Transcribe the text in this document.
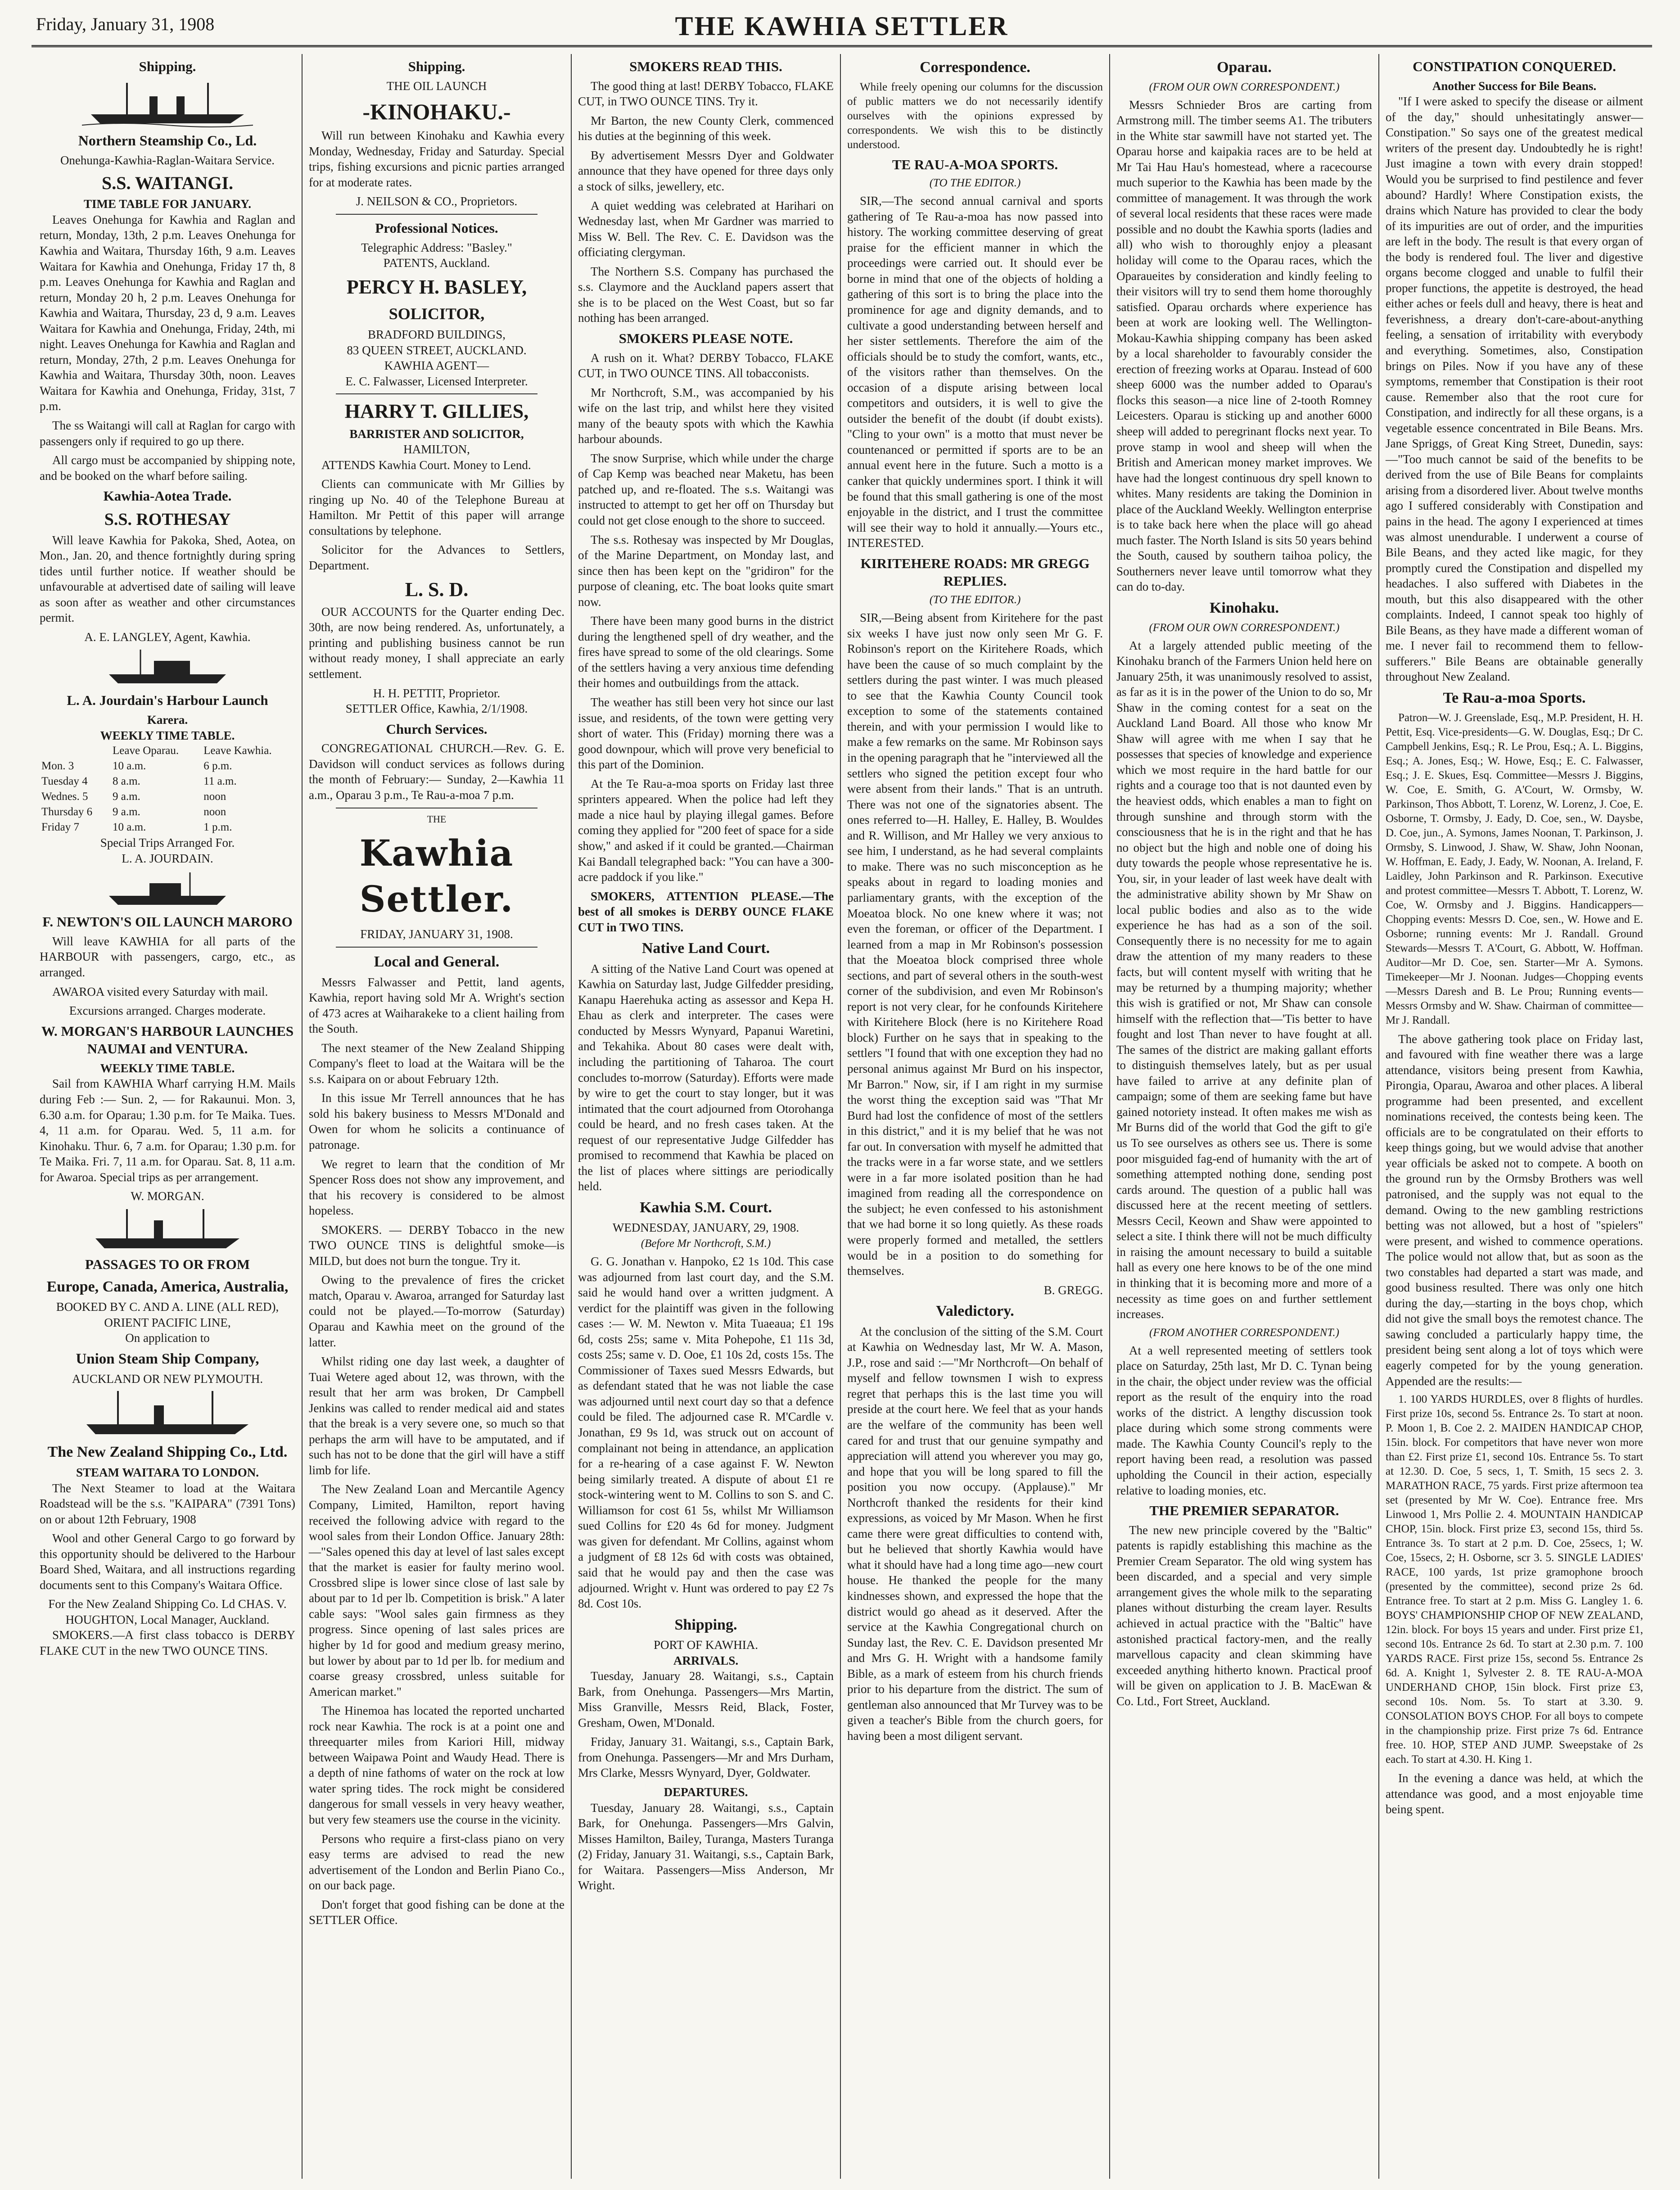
Friday, January 31, 1908	THE KAWHIA SETTLER
Shipping.
Northern Steamship Co., Ld.
Onehunga-Kawhia-Raglan-Waitara Service.
S.S. WAITANGI.
TIME TABLE FOR JANUARY.

Leaves Onehunga for Kawhia and Raglan and return, Monday, 13th, 2 p.m. Leaves Onehunga for Kawhia and Waitara, Thursday 16th, 9 a.m. Leaves Waitara for Kawhia and Onehunga, Friday 17 th, 8 p.m. Leaves Onehunga for Kawhia and Raglan and return, Monday 20 h, 2 p.m. Leaves Onehunga for Kawhia and Waitara, Thursday, 23 d, 9 a.m. Leaves Waitara for Kawhia and Onehunga, Friday, 24th, mi night. Leaves Onehunga for Kawhia and Raglan and return, Monday, 27th, 2 p.m. Leaves Onehunga for Kawhia and Waitara, Thursday 30th, noon. Leaves Waitara for Kawhia and Onehunga, Friday, 31st, 7 p.m.

The ss Waitangi will call at Raglan for cargo with passengers only if required to go up there.

All cargo must be accompanied by shipping note, and be booked on the wharf before sailing.

Kawhia-Aotea Trade.
S.S. ROTHESAY

Will leave Kawhia for Pakoka, Shed, Aotea, on Mon., Jan. 20, and thence fortnightly during spring tides until further notice. If weather should be unfavourable at advertised date of sailing will leave as soon after as weather and other circumstances permit.

A. E. LANGLEY, Agent, Kawhia.
L. A. Jourdain's Harbour Launch
Karera.
WEEKLY TIME TABLE.
	Leave Oparau.	Leave Kawhia.
Mon. 3	10 a.m.	6 p.m.
Tuesday 4	8 a.m.	11 a.m.
Wednes. 5	9 a.m.	noon
Thursday 6	9 a.m.	noon
Friday 7	10 a.m.	1 p.m.
Special Trips Arranged For.
L. A. JOURDAIN.
F. NEWTON'S OIL LAUNCH MARORO

Will leave KAWHIA for all parts of the HARBOUR with passengers, cargo, etc., as arranged.

AWAROA visited every Saturday with mail.

Excursions arranged. Charges moderate.
W. MORGAN'S HARBOUR LAUNCHES NAUMAI and VENTURA.
WEEKLY TIME TABLE.

Sail from KAWHIA Wharf carrying H.M. Mails during Feb :— Sun. 2, — for Rakaunui. Mon. 3, 6.30 a.m. for Oparau; 1.30 p.m. for Te Maika. Tues. 4, 11 a.m. for Oparau. Wed. 5, 11 a.m. for Kinohaku. Thur. 6, 7 a.m. for Oparau; 1.30 p.m. for Te Maika. Fri. 7, 11 a.m. for Oparau. Sat. 8, 11 a.m. for Awaroa. Special trips as per arrangement.

W. MORGAN.
PASSAGES TO OR FROM
Europe, Canada, America, Australia,
BOOKED BY C. AND A. LINE (ALL RED), ORIENT PACIFIC LINE,
On application to
Union Steam Ship Company,
AUCKLAND OR NEW PLYMOUTH.
The New Zealand Shipping Co., Ltd.
STEAM WAITARA TO LONDON.

The Next Steamer to load at the Waitara Roadstead will be the s.s. "KAIPARA" (7391 Tons) on or about 12th February, 1908

Wool and other General Cargo to go forward by this opportunity should be delivered to the Harbour Board Shed, Waitara, and all instructions regarding documents sent to this Company's Waitara Office.

For the New Zealand Shipping Co. Ld CHAS. V. HOUGHTON, Local Manager, Auckland.

SMOKERS.—A first class tobacco is DERBY FLAKE CUT in the new TWO OUNCE TINS.

Shipping.
THE OIL LAUNCH
-KINOHAKU.-

Will run between Kinohaku and Kawhia every Monday, Wednesday, Friday and Saturday. Special trips, fishing excursions and picnic parties arranged for at moderate rates.

J. NEILSON & CO., Proprietors.
Professional Notices.
Telegraphic Address: "Basley."
PATENTS, Auckland.
PERCY H. BASLEY,
SOLICITOR,
BRADFORD BUILDINGS,
83 QUEEN STREET, AUCKLAND.
KAWHIA AGENT—
E. C. Falwasser, Licensed Interpreter.
HARRY T. GILLIES,
BARRISTER AND SOLICITOR,
HAMILTON,

ATTENDS Kawhia Court. Money to Lend.

Clients can communicate with Mr Gillies by ringing up No. 40 of the Telephone Bureau at Hamilton. Mr Pettit of this paper will arrange consultations by telephone.

Solicitor for the Advances to Settlers, Department.

L. S. D.

OUR ACCOUNTS for the Quarter ending Dec. 30th, are now being rendered. As, unfortunately, a printing and publishing business cannot be run without ready money, I shall appreciate an early settlement.

H. H. PETTIT, Proprietor.
SETTLER Office, Kawhia, 2/1/1908.
Church Services.

CONGREGATIONAL CHURCH.—Rev. G. E. Davidson will conduct services as follows during the month of February:— Sunday, 2—Kawhia 11 a.m., Oparau 3 p.m., Te Rau-a-moa 7 p.m.

THE
Kawhia Settler.
FRIDAY, JANUARY 31, 1908.
Local and General.

Messrs Falwasser and Pettit, land agents, Kawhia, report having sold Mr A. Wright's section of 473 acres at Waiharakeke to a client hailing from the South.

The next steamer of the New Zealand Shipping Company's fleet to load at the Waitara will be the s.s. Kaipara on or about February 12th.

In this issue Mr Terrell announces that he has sold his bakery business to Messrs M'Donald and Owen for whom he solicits a continuance of patronage.

We regret to learn that the condition of Mr Spencer Ross does not show any improvement, and that his recovery is considered to be almost hopeless.

SMOKERS. — DERBY Tobacco in the new TWO OUNCE TINS is delightful smoke—is MILD, but does not burn the tongue. Try it.

Owing to the prevalence of fires the cricket match, Oparau v. Awaroa, arranged for Saturday last could not be played.—To-morrow (Saturday) Oparau and Kawhia meet on the ground of the latter.

Whilst riding one day last week, a daughter of Tuai Wetere aged about 12, was thrown, with the result that her arm was broken, Dr Campbell Jenkins was called to render medical aid and states that the break is a very severe one, so much so that perhaps the arm will have to be amputated, and if such has not to be done that the girl will have a stiff limb for life.

The New Zealand Loan and Mercantile Agency Company, Limited, Hamilton, report having received the following advice with regard to the wool sales from their London Office. January 28th:—"Sales opened this day at level of last sales except that the market is easier for faulty merino wool. Crossbred slipe is lower since close of last sale by about par to 1d per lb. Competition is brisk." A later cable says: "Wool sales gain firmness as they progress. Since opening of last sales prices are higher by 1d for good and medium greasy merino, but lower by about par to 1d per lb. for medium and coarse greasy crossbred, unless suitable for American market."

The Hinemoa has located the reported uncharted rock near Kawhia. The rock is at a point one and threequarter miles from Kariori Hill, midway between Waipawa Point and Waudy Head. There is a depth of nine fathoms of water on the rock at low water spring tides. The rock might be considered dangerous for small vessels in very heavy weather, but very few steamers use the course in the vicinity.

Persons who require a first-class piano on very easy terms are advised to read the new advertisement of the London and Berlin Piano Co., on our back page.

Don't forget that good fishing can be done at the SETTLER Office.

SMOKERS READ THIS.

The good thing at last! DERBY Tobacco, FLAKE CUT, in TWO OUNCE TINS. Try it.

Mr Barton, the new County Clerk, commenced his duties at the beginning of this week.

By advertisement Messrs Dyer and Goldwater announce that they have opened for three days only a stock of silks, jewellery, etc.

A quiet wedding was celebrated at Harihari on Wednesday last, when Mr Gardner was married to Miss W. Bell. The Rev. C. E. Davidson was the officiating clergyman.

The Northern S.S. Company has purchased the s.s. Claymore and the Auckland papers assert that she is to be placed on the West Coast, but so far nothing has been arranged.

SMOKERS PLEASE NOTE.

A rush on it. What? DERBY Tobacco, FLAKE CUT, in TWO OUNCE TINS. All tobacconists.

Mr Northcroft, S.M., was accompanied by his wife on the last trip, and whilst here they visited many of the beauty spots with which the Kawhia harbour abounds.

The snow Surprise, which while under the charge of Cap Kemp was beached near Maketu, has been patched up, and re-floated. The s.s. Waitangi was instructed to attempt to get her off on Thursday but could not get close enough to the shore to succeed.

The s.s. Rothesay was inspected by Mr Douglas, of the Marine Department, on Monday last, and since then has been kept on the "gridiron" for the purpose of cleaning, etc. The boat looks quite smart now.

There have been many good burns in the district during the lengthened spell of dry weather, and the fires have spread to some of the old clearings. Some of the settlers having a very anxious time defending their homes and outbuildings from the attack.

The weather has still been very hot since our last issue, and residents, of the town were getting very short of water. This (Friday) morning there was a good downpour, which will prove very beneficial to this part of the Dominion.

At the Te Rau-a-moa sports on Friday last three sprinters appeared. When the police had left they made a nice haul by playing illegal games. Before coming they applied for "200 feet of space for a side show," and asked if it could be granted.—Chairman Kai Bandall telegraphed back: "You can have a 300-acre paddock if you like."

SMOKERS, ATTENTION PLEASE.—The best of all smokes is DERBY OUNCE FLAKE CUT in TWO TINS.

Native Land Court.

A sitting of the Native Land Court was opened at Kawhia on Saturday last, Judge Gilfedder presiding, Kanapu Haerehuka acting as assessor and Kepa H. Ehau as clerk and interpreter. The cases were conducted by Messrs Wynyard, Papanui Waretini, and Tekahika. About 80 cases were dealt with, including the partitioning of Taharoa. The court concludes to-morrow (Saturday). Efforts were made by wire to get the court to stay longer, but it was intimated that the court adjourned from Otorohanga could be heard, and no fresh cases taken. At the request of our representative Judge Gilfedder has promised to recommend that Kawhia be placed on the list of places where sittings are periodically held.

Kawhia S.M. Court.
WEDNESDAY, JANUARY, 29, 1908.
(Before Mr Northcroft, S.M.)

G. G. Jonathan v. Hanpoko, £2 1s 10d. This case was adjourned from last court day, and the S.M. said he would hand over a written judgment. A verdict for the plaintiff was given in the following cases :— W. M. Newton v. Mita Tuaeaua; £1 19s 6d, costs 25s; same v. Mita Pohepohe, £1 11s 3d, costs 25s; same v. D. Ooe, £1 10s 2d, costs 15s. The Commissioner of Taxes sued Messrs Edwards, but as defendant stated that he was not liable the case was adjourned until next court day so that a defence could be filed. The adjourned case R. M'Cardle v. Jonathan, £9 9s 1d, was struck out on account of complainant not being in attendance, an application for a re-hearing of a case against F. W. Newton being similarly treated. A dispute of about £1 re stock-wintering went to M. Collins to son S. and C. Williamson for cost 61 5s, whilst Mr Williamson sued Collins for £20 4s 6d for money. Judgment was given for defendant. Mr Collins, against whom a judgment of £8 12s 6d with costs was obtained, said that he would pay and then the case was adjourned. Wright v. Hunt was ordered to pay £2 7s 8d. Cost 10s.

Shipping.
PORT OF KAWHIA.
ARRIVALS.

Tuesday, January 28. Waitangi, s.s., Captain Bark, from Onehunga. Passengers—Mrs Martin, Miss Granville, Messrs Reid, Black, Foster, Gresham, Owen, M'Donald.

Friday, January 31. Waitangi, s.s., Captain Bark, from Onehunga. Passengers—Mr and Mrs Durham, Mrs Clarke, Messrs Wynyard, Dyer, Goldwater.

DEPARTURES.

Tuesday, January 28. Waitangi, s.s., Captain Bark, for Onehunga. Passengers—Mrs Galvin, Misses Hamilton, Bailey, Turanga, Masters Turanga (2) Friday, January 31. Waitangi, s.s., Captain Bark, for Waitara. Passengers—Miss Anderson, Mr Wright.

Correspondence.

While freely opening our columns for the discussion of public matters we do not necessarily identify ourselves with the opinions expressed by correspondents. We wish this to be distinctly understood.

TE RAU-A-MOA SPORTS.
(TO THE EDITOR.)

SIR,—The second annual carnival and sports gathering of Te Rau-a-moa has now passed into history. The working committee deserving of great praise for the efficient manner in which the proceedings were carried out. It should ever be borne in mind that one of the objects of holding a gathering of this sort is to bring the place into the prominence for age and dignity demands, and to cultivate a good understanding between herself and her sister settlements. Therefore the aim of the officials should be to study the comfort, wants, etc., of the visitors rather than themselves. On the occasion of a dispute arising between local competitors and outsiders, it is well to give the outsider the benefit of the doubt (if doubt exists). "Cling to your own" is a motto that must never be countenanced or permitted if sports are to be an annual event here in the future. Such a motto is a canker that quickly undermines sport. I think it will be found that this small gathering is one of the most enjoyable in the district, and I trust the committee will see their way to hold it annually.—Yours etc., INTERESTED.

KIRITEHERE ROADS: MR GREGG REPLIES.
(TO THE EDITOR.)

SIR,—Being absent from Kiritehere for the past six weeks I have just now only seen Mr G. F. Robinson's report on the Kiritehere Roads, which have been the cause of so much complaint by the settlers during the past winter. I was much pleased to see that the Kawhia County Council took exception to some of the statements contained therein, and with your permission I would like to make a few remarks on the same. Mr Robinson says in the opening paragraph that he "interviewed all the settlers who signed the petition except four who were absent from their lands." That is an untruth. There was not one of the signatories absent. The ones referred to—H. Halley, E. Halley, B. Wouldes and R. Willison, and Mr Halley we very anxious to see him, I understand, as he had several complaints to make. There was no such misconception as he speaks about in regard to loading monies and parliamentary grants, with the exception of the Moeatoa block. No one knew where it was; not even the foreman, or officer of the Department. I learned from a map in Mr Robinson's possession that the Moeatoa block comprised three whole sections, and part of several others in the south-west corner of the subdivision, and even Mr Robinson's report is not very clear, for he confounds Kiritehere with Kiritehere Block (here is no Kiritehere Road block) Further on he says that in speaking to the settlers "I found that with one exception they had no personal animus against Mr Burd on his inspector, Mr Barron." Now, sir, if I am right in my surmise the worst thing the exception said was "That Mr Burd had lost the confidence of most of the settlers in this district," and it is my belief that he was not far out. In conversation with myself he admitted that the tracks were in a far worse state, and we settlers were in a far more isolated position than he had imagined from reading all the correspondence on the subject; he even confessed to his astonishment that we had borne it so long quietly. As these roads were properly formed and metalled, the settlers would be in a position to do something for themselves.

B. GREGG.
Valedictory.

At the conclusion of the sitting of the S.M. Court at Kawhia on Wednesday last, Mr W. A. Mason, J.P., rose and said :—"Mr Northcroft—On behalf of myself and fellow townsmen I wish to express regret that perhaps this is the last time you will preside at the court here. We feel that as your hands are the welfare of the community has been well cared for and trust that our genuine sympathy and appreciation will attend you wherever you may go, and hope that you will be long spared to fill the position you now occupy. (Applause)." Mr Northcroft thanked the residents for their kind expressions, as voiced by Mr Mason. When he first came there were great difficulties to contend with, but he believed that shortly Kawhia would have what it should have had a long time ago—new court house. He thanked the people for the many kindnesses shown, and expressed the hope that the district would go ahead as it deserved. After the service at the Kawhia Congregational church on Sunday last, the Rev. C. E. Davidson presented Mr and Mrs G. H. Wright with a handsome family Bible, as a mark of esteem from his church friends prior to his departure from the district. The sum of gentleman also announced that Mr Turvey was to be given a teacher's Bible from the church goers, for having been a most diligent servant.

Oparau.
(FROM OUR OWN CORRESPONDENT.)

Messrs Schnieder Bros are carting from Armstrong mill. The timber seems A1. The tributers in the White star sawmill have not started yet. The Oparau horse and kaipakia races are to be held at Mr Tai Hau Hau's homestead, where a racecourse much superior to the Kawhia has been made by the committee of management. It was through the work of several local residents that these races were made possible and no doubt the Kawhia sports (ladies and all) who wish to thoroughly enjoy a pleasant holiday will come to the Oparau races, which the Oparaueites by consideration and kindly feeling to their visitors will try to send them home thoroughly satisfied. Oparau orchards where experience has been at work are looking well. The Wellington-Mokau-Kawhia shipping company has been asked by a local shareholder to favourably consider the erection of freezing works at Oparau. Instead of 600 sheep 6000 was the number added to Oparau's flocks this season—a nice line of 2-tooth Romney Leicesters. Oparau is sticking up and another 6000 sheep will added to peregrinant flocks next year. To prove stamp in wool and sheep will when the British and American money market improves. We have had the longest continuous dry spell known to whites. Many residents are taking the Dominion in place of the Auckland Weekly. Wellington enterprise is to take back here when the place will go ahead much faster. The North Island is sits 50 years behind the South, caused by southern taihoa policy, the Southerners never leave until tomorrow what they can do to-day.

Kinohaku.
(FROM OUR OWN CORRESPONDENT.)

At a largely attended public meeting of the Kinohaku branch of the Farmers Union held here on January 25th, it was unanimously resolved to assist, as far as it is in the power of the Union to do so, Mr Shaw in the coming contest for a seat on the Auckland Land Board. All those who know Mr Shaw will agree with me when I say that he possesses that species of knowledge and experience which we most require in the hard battle for our rights and a courage too that is not daunted even by the heaviest odds, which enables a man to fight on through sunshine and through storm with the consciousness that he is in the right and that he has no object but the high and noble one of doing his duty towards the people whose representative he is. You, sir, in your leader of last week have dealt with the administrative ability shown by Mr Shaw on local public bodies and also as to the wide experience he has had as a son of the soil. Consequently there is no necessity for me to again draw the attention of my many readers to these facts, but will content myself with writing that he may be returned by a thumping majority; whether this wish is gratified or not, Mr Shaw can console himself with the reflection that—'Tis better to have fought and lost Than never to have fought at all. The sames of the district are making gallant efforts to distinguish themselves lately, but as per usual have failed to arrive at any definite plan of campaign; some of them are seeking fame but have gained notoriety instead. It often makes me wish as Mr Burns did of the world that God the gift to gi'e us To see ourselves as others see us. There is some poor misguided fag-end of humanity with the art of something attempted nothing done, sending post cards around. The question of a public hall was discussed here at the recent meeting of settlers. Messrs Cecil, Keown and Shaw were appointed to select a site. I think there will not be much difficulty in raising the amount necessary to build a suitable hall as every one here knows to be of the one mind in thinking that it is becoming more and more of a necessity as time goes on and further settlement increases.

(FROM ANOTHER CORRESPONDENT.)

At a well represented meeting of settlers took place on Saturday, 25th last, Mr D. C. Tynan being in the chair, the object under review was the official report as the result of the enquiry into the road works of the district. A lengthy discussion took place during which some strong comments were made. The Kawhia County Council's reply to the report having been read, a resolution was passed upholding the Council in their action, especially relative to loading monies, etc.

THE PREMIER SEPARATOR.

The new new principle covered by the "Baltic" patents is rapidly establishing this machine as the Premier Cream Separator. The old wing system has been discarded, and a special and very simple arrangement gives the whole milk to the separating planes without disturbing the cream layer. Results achieved in actual practice with the "Baltic" have astonished practical factory-men, and the really marvellous capacity and clean skimming have exceeded anything hitherto known. Practical proof will be given on application to J. B. MacEwan & Co. Ltd., Fort Street, Auckland.

CONSTIPATION CONQUERED.
Another Success for Bile Beans.

"If I were asked to specify the disease or ailment of the day," should unhesitatingly answer—Constipation." So says one of the greatest medical writers of the present day. Undoubtedly he is right! Just imagine a town with every drain stopped! Would you be surprised to find pestilence and fever abound? Hardly! Where Constipation exists, the drains which Nature has provided to clear the body of its impurities are out of order, and the impurities are left in the body. The result is that every organ of the body is rendered foul. The liver and digestive organs become clogged and unable to fulfil their proper functions, the appetite is destroyed, the head either aches or feels dull and heavy, there is heat and feverishness, a dreary don't-care-about-anything feeling, a sensation of irritability with everybody and everything. Sometimes, also, Constipation brings on Piles. Now if you have any of these symptoms, remember that Constipation is their root cause. Remember also that the root cure for Constipation, and indirectly for all these organs, is a vegetable essence concentrated in Bile Beans. Mrs. Jane Spriggs, of Great King Street, Dunedin, says:—"Too much cannot be said of the benefits to be derived from the use of Bile Beans for complaints arising from a disordered liver. About twelve months ago I suffered considerably with Constipation and pains in the head. The agony I experienced at times was almost unendurable. I underwent a course of Bile Beans, and they acted like magic, for they promptly cured the Constipation and dispelled my headaches. I also suffered with Diabetes in the mouth, but this also disappeared with the other complaints. Indeed, I cannot speak too highly of Bile Beans, as they have made a different woman of me. I never fail to recommend them to fellow-sufferers." Bile Beans are obtainable generally throughout New Zealand.

Te Rau-a-moa Sports.

Patron—W. J. Greenslade, Esq., M.P. President, H. H. Pettit, Esq. Vice-presidents—G. W. Douglas, Esq.; Dr C. Campbell Jenkins, Esq.; R. Le Prou, Esq.; A. L. Biggins, Esq.; A. Jones, Esq.; W. Howe, Esq.; E. C. Falwasser, Esq.; J. E. Skues, Esq. Committee—Messrs J. Biggins, W. Coe, E. Smith, G. A'Court, W. Ormsby, W. Parkinson, Thos Abbott, T. Lorenz, W. Lorenz, J. Coe, E. Osborne, T. Ormsby, J. Eady, D. Coe, sen., W. Daysbe, D. Coe, jun., A. Symons, James Noonan, T. Parkinson, J. Ormsby, S. Linwood, J. Shaw, W. Shaw, John Noonan, W. Hoffman, E. Eady, J. Eady, W. Noonan, A. Ireland, F. Laidley, John Parkinson and R. Parkinson. Executive and protest committee—Messrs T. Abbott, T. Lorenz, W. Coe, W. Ormsby and J. Biggins. Handicappers—Chopping events: Messrs D. Coe, sen., W. Howe and E. Osborne; running events: Mr J. Randall. Ground Stewards—Messrs T. A'Court, G. Abbott, W. Hoffman. Auditor—Mr D. Coe, sen. Starter—Mr A. Symons. Timekeeper—Mr J. Noonan. Judges—Chopping events—Messrs Daresh and B. Le Prou; Running events—Messrs Ormsby and W. Shaw. Chairman of committee—Mr J. Randall.

The above gathering took place on Friday last, and favoured with fine weather there was a large attendance, visitors being present from Kawhia, Pirongia, Oparau, Awaroa and other places. A liberal programme had been presented, and excellent nominations received, the contests being keen. The officials are to be congratulated on their efforts to keep things going, but we would advise that another year officials be asked not to compete. A booth on the ground run by the Ormsby Brothers was well patronised, and the supply was not equal to the demand. Owing to the new gambling restrictions betting was not allowed, but a host of "spielers" were present, and wished to commence operations. The police would not allow that, but as soon as the two constables had departed a start was made, and good business resulted. There was only one hitch during the day,—starting in the boys chop, which did not give the small boys the remotest chance. The sawing concluded a particularly happy time, the president being sent along a lot of toys which were eagerly competed for by the young generation. Appended are the results:—

1. 100 YARDS HURDLES, over 8 flights of hurdles. First prize 10s, second 5s. Entrance 2s. To start at noon. P. Moon 1, B. Coe 2. 2. MAIDEN HANDICAP CHOP, 15in. block. For competitors that have never won more than £2. First prize £1, second 10s. Entrance 5s. To start at 12.30. D. Coe, 5 secs, 1, T. Smith, 15 secs 2. 3. MARATHON RACE, 75 yards. First prize aftermoon tea set (presented by Mr W. Coe). Entrance free. Mrs Linwood 1, Mrs Pollie 2. 4. MOUNTAIN HANDICAP CHOP, 15in. block. First prize £3, second 15s, third 5s. Entrance 3s. To start at 2 p.m. D. Coe, 25secs, 1; W. Coe, 15secs, 2; H. Osborne, scr 3. 5. SINGLE LADIES' RACE, 100 yards, 1st prize gramophone brooch (presented by the committee), second prize 2s 6d. Entrance free. To start at 2 p.m. Miss G. Langley 1. 6. BOYS' CHAMPIONSHIP CHOP OF NEW ZEALAND, 12in. block. For boys 15 years and under. First prize £1, second 10s. Entrance 2s 6d. To start at 2.30 p.m. 7. 100 YARDS RACE. First prize 15s, second 5s. Entrance 2s 6d. A. Knight 1, Sylvester 2. 8. TE RAU-A-MOA UNDERHAND CHOP, 15in block. First prize £3, second 10s. Nom. 5s. To start at 3.30. 9. CONSOLATION BOYS CHOP. For all boys to compete in the championship prize. First prize 7s 6d. Entrance free. 10. HOP, STEP AND JUMP. Sweepstake of 2s each. To start at 4.30. H. King 1.

In the evening a dance was held, at which the attendance was good, and a most enjoyable time being spent.
